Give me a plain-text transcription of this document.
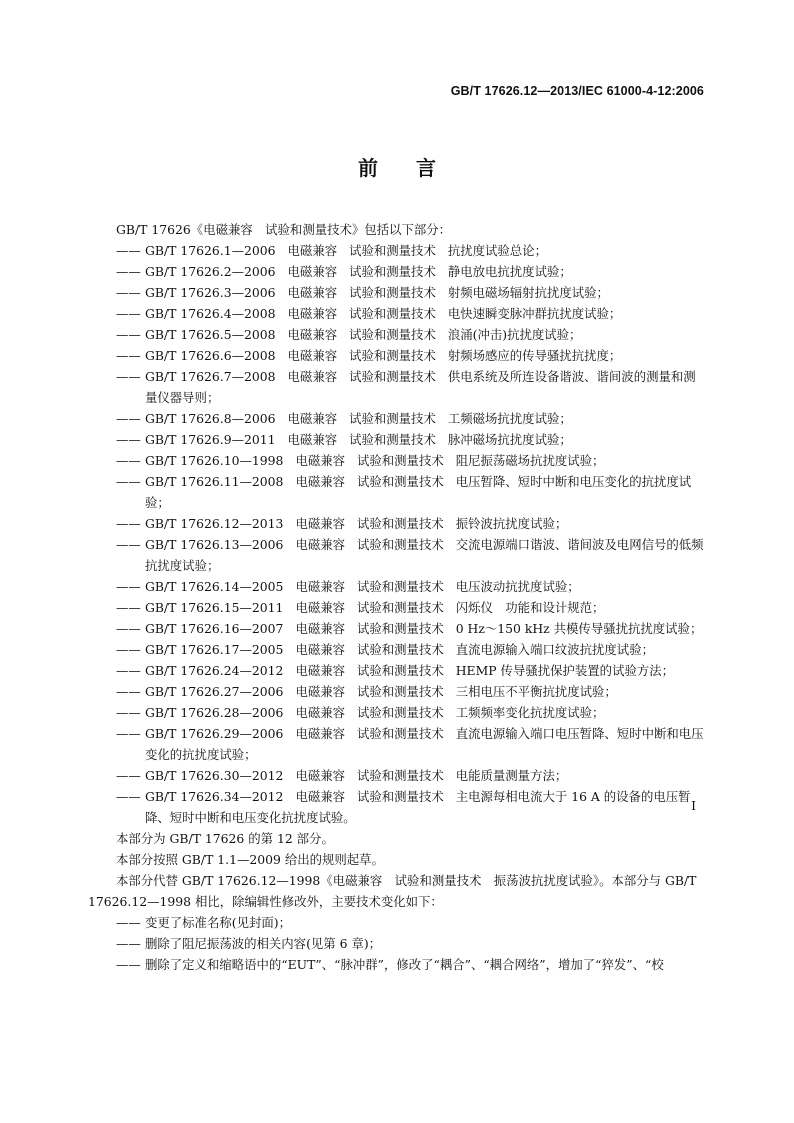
GB/T 17626.12—2013/IEC 61000-4-12:2006
前言

GB/T 17626《电磁兼容　试验和测量技术》包括以下部分：

—— GB/T 17626.1—2006 电磁兼容 试验和测量技术 抗扰度试验总论；
—— GB/T 17626.2—2006 电磁兼容 试验和测量技术 静电放电抗扰度试验；
—— GB/T 17626.3—2006 电磁兼容 试验和测量技术 射频电磁场辐射抗扰度试验；
—— GB/T 17626.4—2008 电磁兼容 试验和测量技术 电快速瞬变脉冲群抗扰度试验；
—— GB/T 17626.5—2008 电磁兼容 试验和测量技术 浪涌(冲击)抗扰度试验；
—— GB/T 17626.6—2008 电磁兼容 试验和测量技术 射频场感应的传导骚扰抗扰度；
—— GB/T 17626.7—2008 电磁兼容 试验和测量技术 供电系统及所连设备谐波、谐间波的测量和测量仪器导则；
—— GB/T 17626.8—2006 电磁兼容 试验和测量技术 工频磁场抗扰度试验；
—— GB/T 17626.9—2011 电磁兼容 试验和测量技术 脉冲磁场抗扰度试验；
—— GB/T 17626.10—1998 电磁兼容 试验和测量技术 阻尼振荡磁场抗扰度试验；
—— GB/T 17626.11—2008 电磁兼容 试验和测量技术 电压暂降、短时中断和电压变化的抗扰度试验；
—— GB/T 17626.12—2013 电磁兼容 试验和测量技术 振铃波抗扰度试验；
—— GB/T 17626.13—2006 电磁兼容 试验和测量技术 交流电源端口谐波、谐间波及电网信号的低频抗扰度试验；
—— GB/T 17626.14—2005 电磁兼容 试验和测量技术 电压波动抗扰度试验；
—— GB/T 17626.15—2011 电磁兼容 试验和测量技术 闪烁仪　功能和设计规范；
—— GB/T 17626.16—2007 电磁兼容 试验和测量技术 0 Hz～150 kHz 共模传导骚扰抗扰度试验；
—— GB/T 17626.17—2005 电磁兼容 试验和测量技术 直流电源输入端口纹波抗扰度试验；
—— GB/T 17626.24—2012 电磁兼容 试验和测量技术 HEMP 传导骚扰保护装置的试验方法；
—— GB/T 17626.27—2006 电磁兼容 试验和测量技术 三相电压不平衡抗扰度试验；
—— GB/T 17626.28—2006 电磁兼容 试验和测量技术 工频频率变化抗扰度试验；
—— GB/T 17626.29—2006 电磁兼容 试验和测量技术 直流电源输入端口电压暂降、短时中断和电压变化的抗扰度试验；
—— GB/T 17626.30—2012 电磁兼容 试验和测量技术 电能质量测量方法；
—— GB/T 17626.34—2012 电磁兼容 试验和测量技术 主电源每相电流大于 16 A 的设备的电压暂降、短时中断和电压变化抗扰度试验。

本部分为 GB/T 17626 的第 12 部分。

本部分按照 GB/T 1.1—2009 给出的规则起草。

本部分代替 GB/T 17626.12—1998《电磁兼容　试验和测量技术　振荡波抗扰度试验》。本部分与 GB/T 17626.12—1998 相比，除编辑性修改外，主要技术变化如下：

—— 变更了标准名称(见封面)；
—— 删除了阻尼振荡波的相关内容(见第 6 章)；
—— 删除了定义和缩略语中的“EUT”、“脉冲群”，修改了“耦合”、“耦合网络”，增加了“猝发”、“校
I
